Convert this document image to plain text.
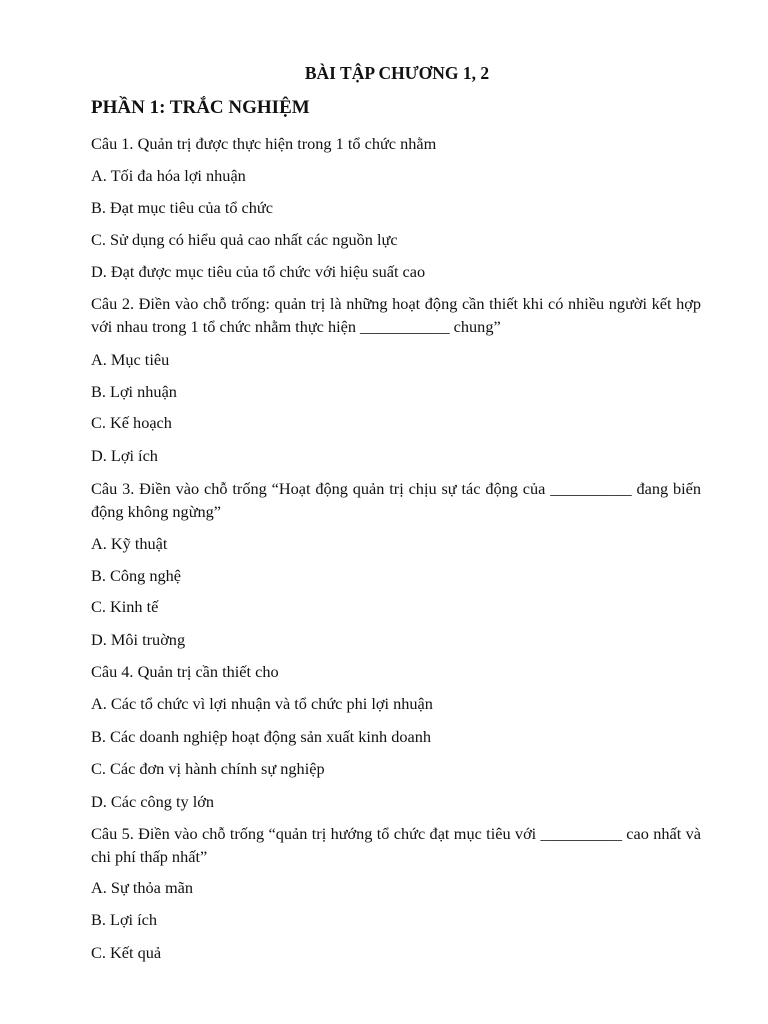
BÀI TẬP CHƯƠNG 1, 2
PHẦN 1: TRẮC NGHIỆM
Câu 1. Quản trị được thực hiện trong 1 tổ chức nhằm
A. Tối đa hóa lợi nhuận
B. Đạt mục tiêu của tổ chức
C. Sử dụng có hiểu quả cao nhất các nguồn lực
D. Đạt được mục tiêu của tổ chức với hiệu suất cao
Câu 2. Điền vào chỗ trống: quản trị là những hoạt động cần thiết khi có nhiều người kết hợp với nhau trong 1 tổ chức nhằm thực hiện ___________ chung”
A. Mục tiêu
B. Lợi nhuận
C. Kế hoạch
D. Lợi ích
Câu 3. Điền vào chỗ trống “Hoạt động quản trị chịu sự tác động của __________ đang biến động không ngừng”
A. Kỹ thuật
B. Công nghệ
C. Kinh tế
D. Môi truờng
Câu 4. Quản trị cần thiết cho
A. Các tổ chức vì lợi nhuận và tổ chức phi lợi nhuận
B. Các doanh nghiệp hoạt động sản xuất kinh doanh
C. Các đơn vị hành chính sự nghiệp
D. Các công ty lớn
Câu 5. Điền vào chỗ trống “quản trị hướng tổ chức đạt mục tiêu với __________ cao nhất và chi phí thấp nhất”
A. Sự thỏa mãn
B. Lợi ích
C. Kết quả
